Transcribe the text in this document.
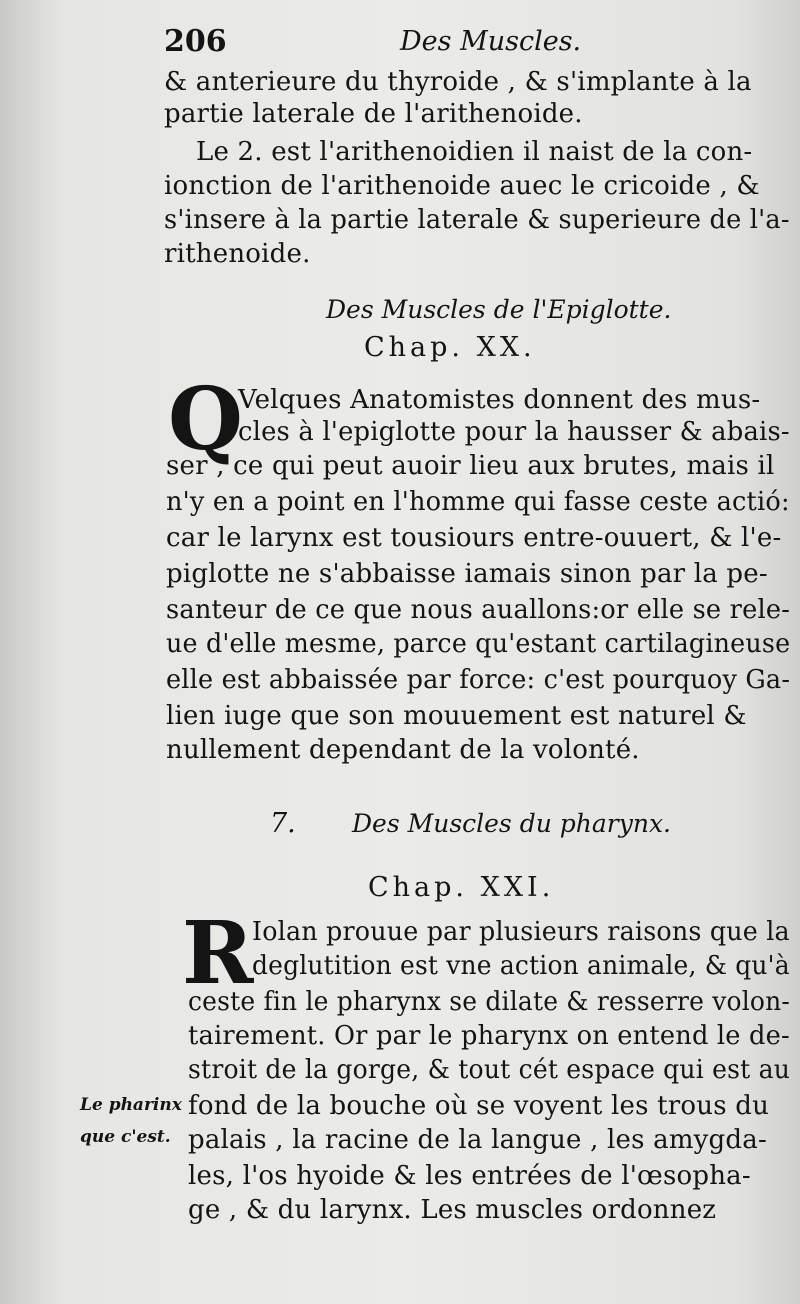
206	Des Muscles.
& anterieure du thyroide , & s'implante à la
partie laterale de l'arithenoide.
Le 2. est l'arithenoidien il naist de la con-
ionction de l'arithenoide auec le cricoide , &
s'insere à la partie laterale & superieure de l'a-
rithenoide.
Des Muscles de l'Epiglotte.
Chap. XX.
Q
Velques Anatomistes donnent des mus-
cles à l'epiglotte pour la hausser & abais-
ser , ce qui peut auoir lieu aux brutes, mais il
n'y en a point en l'homme qui fasse ceste actió:
car le larynx est tousiours entre-ouuert, & l'e-
piglotte ne s'abbaisse iamais sinon par la pe-
santeur de ce que nous auallons:or elle se rele-
ue d'elle mesme, parce qu'estant cartilagineuse
elle est abbaissée par force: c'est pourquoy Ga-
lien iuge que son mouuement est naturel &
nullement dependant de la volonté.
7. Des Muscles du pharynx.
Chap. XXI.
R
Iolan prouue par plusieurs raisons que la
deglutition est vne action animale, & qu'à
ceste fin le pharynx se dilate & resserre volon-
tairement. Or par le pharynx on entend le de-
stroit de la gorge, & tout cét espace qui est au
fond de la bouche où se voyent les trous du
palais , la racine de la langue , les amygda-
les, l'os hyoide & les entrées de l'œsopha-
ge , & du larynx. Les muscles ordonnez
Le pharinx
que c'est.
